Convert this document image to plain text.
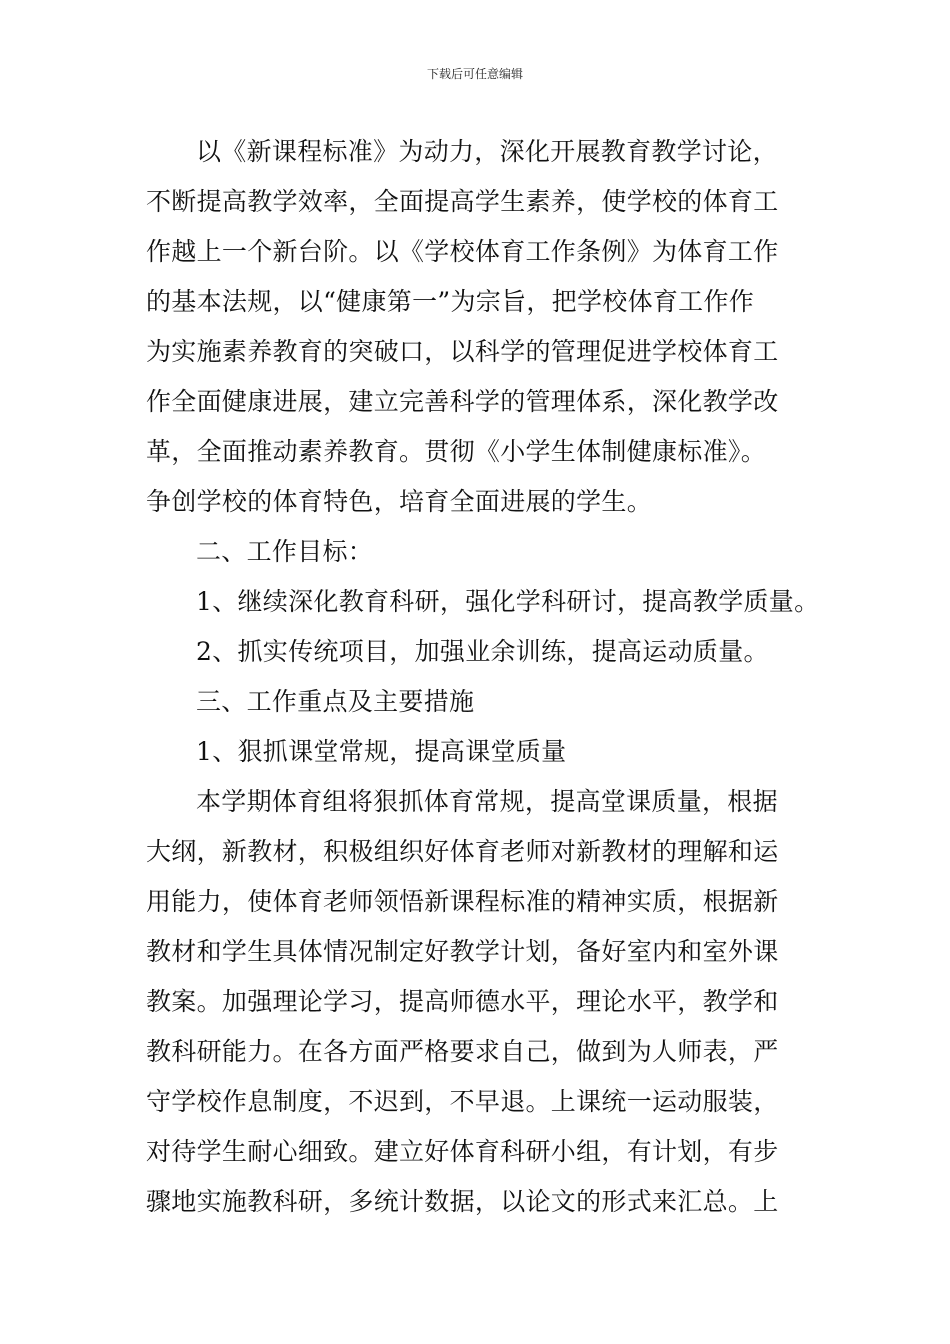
下载后可任意编辑
以《新课程标准》为动力，深化开展教育教学讨论，
不断提高教学效率，全面提高学生素养，使学校的体育工
作越上一个新台阶。以《学校体育工作条例》为体育工作
的基本法规，以“健康第一”为宗旨，把学校体育工作作
为实施素养教育的突破口，以科学的管理促进学校体育工
作全面健康进展，建立完善科学的管理体系，深化教学改
革，全面推动素养教育。贯彻《小学生体制健康标准》。
争创学校的体育特色，培育全面进展的学生。
二、工作目标：
1、继续深化教育科研，强化学科研讨，提高教学质量。
2、抓实传统项目，加强业余训练，提高运动质量。
三、工作重点及主要措施
1、狠抓课堂常规，提高课堂质量
本学期体育组将狠抓体育常规，提高堂课质量，根据
大纲，新教材，积极组织好体育老师对新教材的理解和运
用能力，使体育老师领悟新课程标准的精神实质，根据新
教材和学生具体情况制定好教学计划，备好室内和室外课
教案。加强理论学习，提高师德水平，理论水平，教学和
教科研能力。在各方面严格要求自己，做到为人师表，严
守学校作息制度，不迟到，不早退。上课统一运动服装，
对待学生耐心细致。建立好体育科研小组，有计划，有步
骤地实施教科研，多统计数据，以论文的形式来汇总。上
